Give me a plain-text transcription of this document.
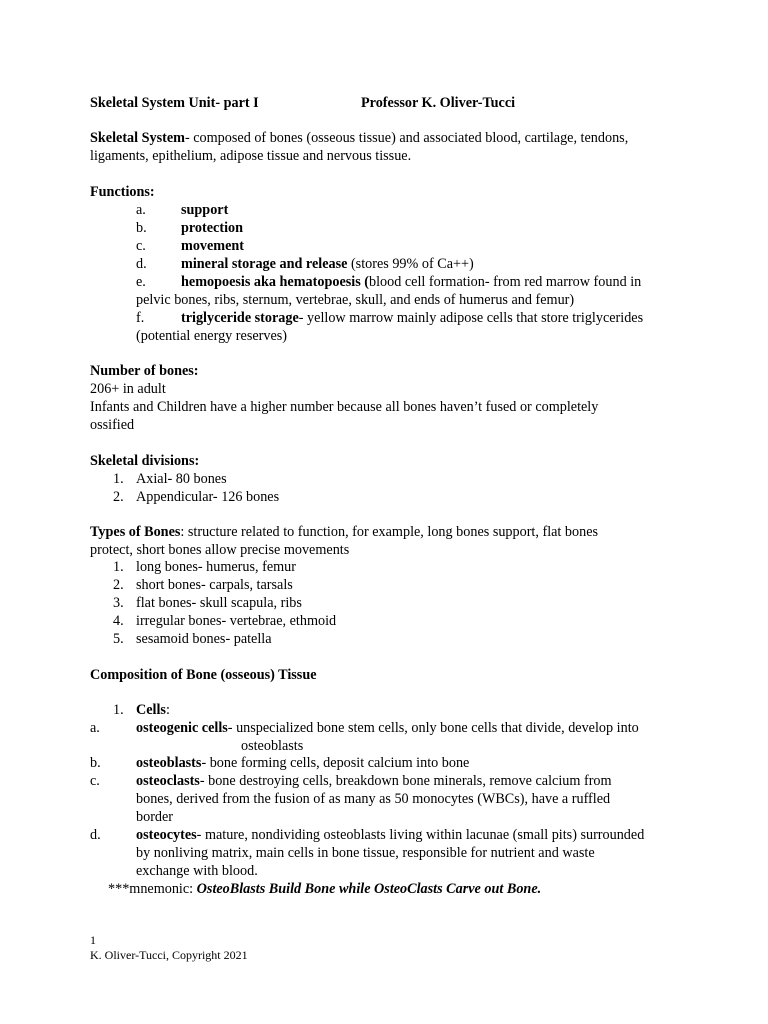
Skeletal System Unit- part I	Professor K. Oliver-Tucci
Skeletal System- composed of bones (osseous tissue) and associated blood, cartilage, tendons,
ligaments, epithelium, adipose tissue and nervous tissue.
Functions:
a. support
b. protection
c. movement
d. mineral storage and release (stores 99% of Ca++)
e. hemopoesis aka hematopoesis (blood cell formation- from red marrow found in
pelvic bones, ribs, sternum, vertebrae, skull, and ends of humerus and femur)
f.	triglyceride storage- yellow marrow mainly adipose cells that store triglycerides
(potential energy reserves)
Number of bones:
206+ in adult
Infants and Children have a higher number because all bones haven’t fused or completely
ossified
Skeletal divisions:
1. Axial- 80 bones
2. Appendicular- 126 bones
Types of Bones: structure related to function, for example, long bones support, flat bones
protect, short bones allow precise movements
1. long bones- humerus, femur
2. short bones- carpals, tarsals
3. flat bones- skull scapula, ribs
4. irregular bones- vertebrae, ethmoid
5. sesamoid bones- patella
Composition of Bone (osseous) Tissue
1. Cells:
a.	osteogenic cells- unspecialized bone stem cells, only bone cells that divide, develop into
osteoblasts
b. osteoblasts- bone forming cells, deposit calcium into bone
c.	osteoclasts- bone destroying cells, breakdown bone minerals, remove calcium from
bones, derived from the fusion of as many as 50 monocytes (WBCs), have a ruffled
border
d. osteocytes- mature, nondividing osteoblasts living within lacunae (small pits) surrounded
by nonliving matrix, main cells in bone tissue, responsible for nutrient and waste
exchange with blood.
***mnemonic: OsteoBlasts Build Bone while OsteoClasts Carve out Bone.
1
K. Oliver-Tucci, Copyright 2021
